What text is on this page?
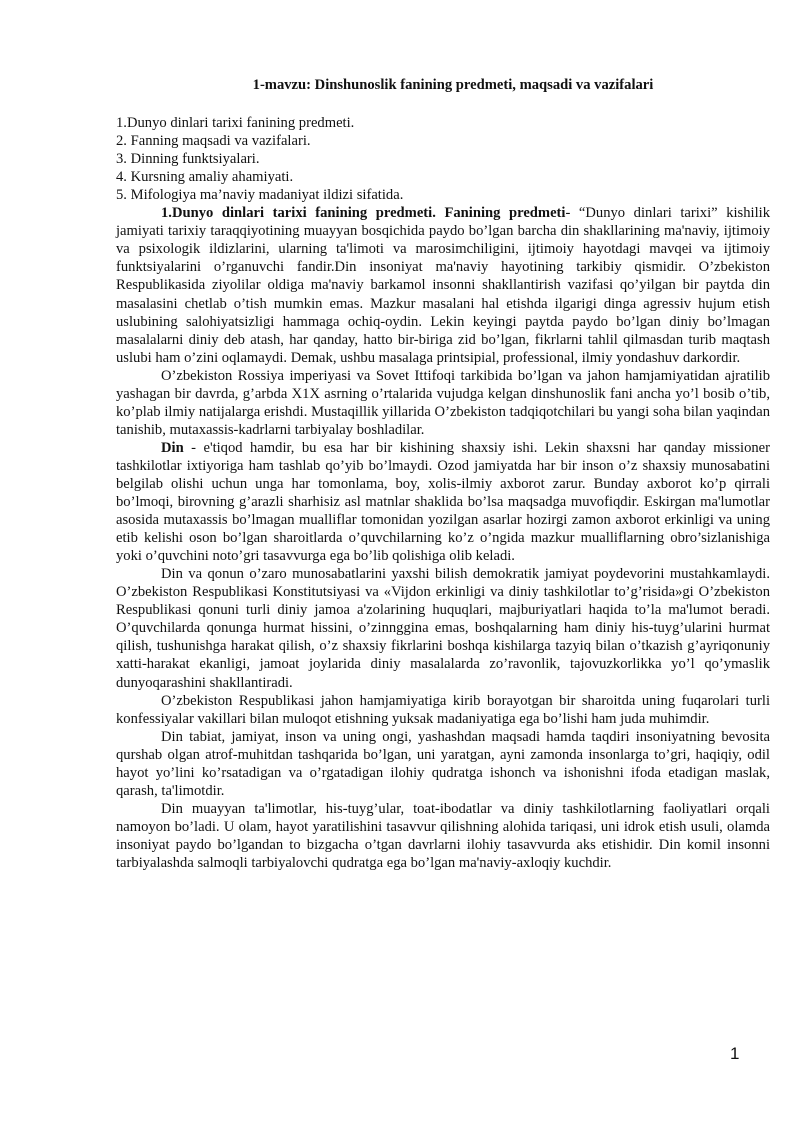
1-mavzu: Dinshunoslik fanining predmeti, maqsadi va vazifalari
1.Dunyo dinlari tarixi fanining predmeti.
2. Fanning maqsadi va vazifalari.
3. Dinning funktsiyalari.
4. Kursning amaliy ahamiyati.
5. Mifologiya ma’naviy madaniyat ildizi sifatida.

1.Dunyo dinlari tarixi fanining predmeti. Fanining predmeti- “Dunyo dinlari tarixi” kishilik jamiyati tarixiy taraqqiyotining muayyan bosqichida paydo bo’lgan barcha din shakllarining ma'naviy, ijtimoiy va psixologik ildizlarini, ularning ta'limoti va marosimchiligini, ijtimoiy hayotdagi mavqei va ijtimoiy funktsiyalarini o’rganuvchi fandir.Din insoniyat ma'naviy hayotining tarkibiy qismidir. O’zbekiston Respublikasida ziyolilar oldiga ma'naviy barkamol insonni shakllantirish vazifasi qo’yilgan bir paytda din masalasini chetlab o’tish mumkin emas. Mazkur masalani hal etishda ilgarigi dinga agressiv hujum etish uslubining salohiyatsizligi hammaga ochiq-oydin. Lekin keyingi paytda paydo bo’lgan diniy bo’lmagan masalalarni diniy deb atash, har qanday, hatto bir-biriga zid bo’lgan, fikrlarni tahlil qilmasdan turib maqtash uslubi ham o’zini oqlamaydi. Demak, ushbu masalaga printsipial, professional, ilmiy yondashuv darkordir.

O’zbekiston Rossiya imperiyasi va Sovet Ittifoqi tarkibida bo’lgan va jahon hamjamiyatidan ajratilib yashagan bir davrda, g’arbda X1X asrning o’rtalarida vujudga kelgan dinshunoslik fani ancha yo’l bosib o’tib, ko’plab ilmiy natijalarga erishdi. Mustaqillik yillarida O’zbekiston tadqiqotchilari bu yangi soha bilan yaqindan tanishib, mutaxassis-kadrlarni tarbiyalay boshladilar.

Din - e'tiqod hamdir, bu esa har bir kishining shaxsiy ishi. Lekin shaxsni har qanday missioner tashkilotlar ixtiyoriga ham tashlab qo’yib bo’lmaydi. Ozod jamiyatda har bir inson o’z shaxsiy munosabatini belgilab olishi uchun unga har tomonlama, boy, xolis-ilmiy axborot zarur. Bunday axborot ko’p qirrali bo’lmoqi, birovning g’arazli sharhisiz asl matnlar shaklida bo’lsa maqsadga muvofiqdir. Eskirgan ma'lumotlar asosida mutaxassis bo’lmagan mualliflar tomonidan yozilgan asarlar hozirgi zamon axborot erkinligi va uning etib kelishi oson bo’lgan sharoitlarda o’quvchilarning ko’z o’ngida mazkur mualliflarning obro’sizlanishiga yoki o’quvchini noto’gri tasavvurga ega bo’lib qolishiga olib keladi.

Din va qonun o’zaro munosabatlarini yaxshi bilish demokratik jamiyat poydevorini mustahkamlaydi. O’zbekiston Respublikasi Konstitutsiyasi va «Vijdon erkinligi va diniy tashkilotlar to’g’risida»gi O’zbekiston Respublikasi qonuni turli diniy jamoa a'zolarining huquqlari, majburiyatlari haqida to’la ma'lumot beradi. O’quvchilarda qonunga hurmat hissini, o’zinnggina emas, boshqalarning ham diniy his-tuyg’ularini hurmat qilish, tushunishga harakat qilish, o’z shaxsiy fikrlarini boshqa kishilarga tazyiq bilan o’tkazish g’ayriqonuniy xatti-harakat ekanligi, jamoat joylarida diniy masalalarda zo’ravonlik, tajovuzkorlikka yo’l qo’ymaslik dunyoqarashini shakllantiradi.

O’zbekiston Respublikasi jahon hamjamiyatiga kirib borayotgan bir sharoitda uning fuqarolari turli konfessiyalar vakillari bilan muloqot etishning yuksak madaniyatiga ega bo’lishi ham juda muhimdir.

Din tabiat, jamiyat, inson va uning ongi, yashashdan maqsadi hamda taqdiri insoniyatning bevosita qurshab olgan atrof-muhitdan tashqarida bo’lgan, uni yaratgan, ayni zamonda insonlarga to’gri, haqiqiy, odil hayot yo’lini ko’rsatadigan va o’rgatadigan ilohiy qudratga ishonch va ishonishni ifoda etadigan maslak, qarash, ta'limotdir.

Din muayyan ta'limotlar, his-tuyg’ular, toat-ibodatlar va diniy tashkilotlarning faoliyatlari orqali namoyon bo’ladi. U olam, hayot yaratilishini tasavvur qilishning alohida tariqasi, uni idrok etish usuli, olamda insoniyat paydo bo’lgandan to bizgacha o’tgan davrlarni ilohiy tasavvurda aks etishidir. Din komil insonni tarbiyalashda salmoqli tarbiyalovchi qudratga ega bo’lgan ma'naviy-axloqiy kuchdir.

1
